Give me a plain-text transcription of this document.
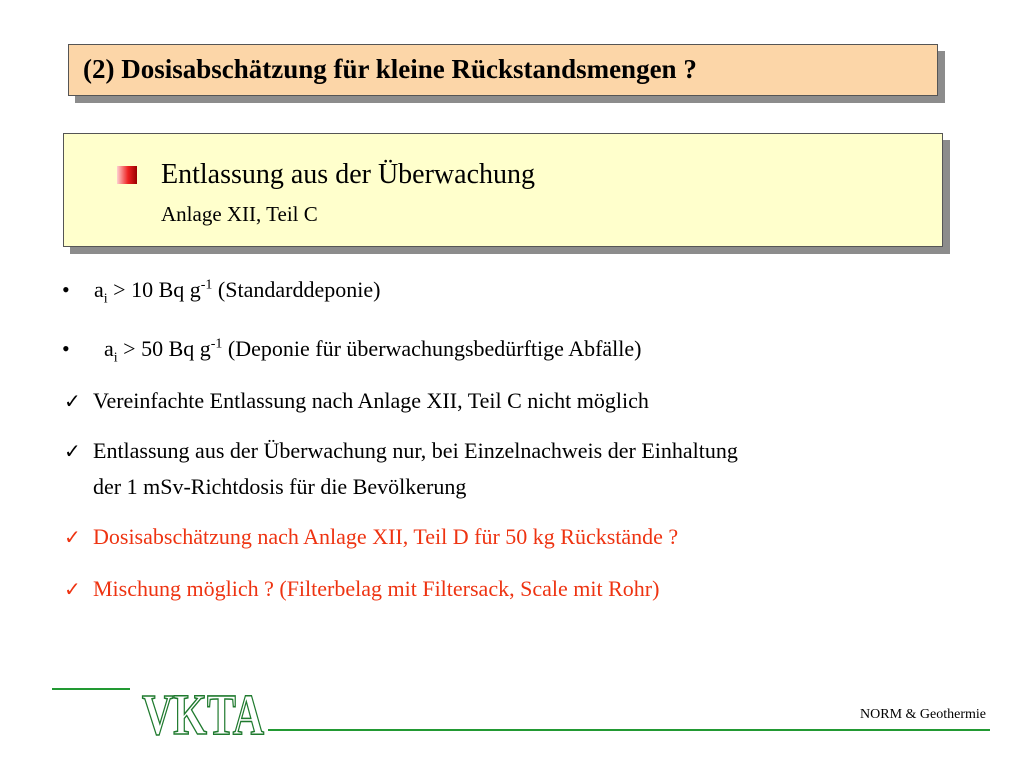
(2) Dosisabschätzung für kleine Rückstandsmengen ?
Entlassung aus der Überwachung
Anlage XII, Teil C
• $a_i > 10$ Bq $g^{-1}$ (Standarddeponie)
• $a_i > 50$ Bq $g^{-1}$ (Deponie für überwachungsbedürftige Abfälle)
✓ Vereinfachte Entlassung nach Anlage XII, Teil C nicht möglich
✓ Entlassung aus der Überwachung nur, bei Einzelnachweis der Einhaltung
der 1 mSv-Richtdosis für die Bevölkerung
✓ Dosisabschätzung nach Anlage XII, Teil D für 50 kg Rückstände ?
✓ Mischung möglich ? (Filterbelag mit Filtersack, Scale mit Rohr)
VKTA	NORM & Geothermie
